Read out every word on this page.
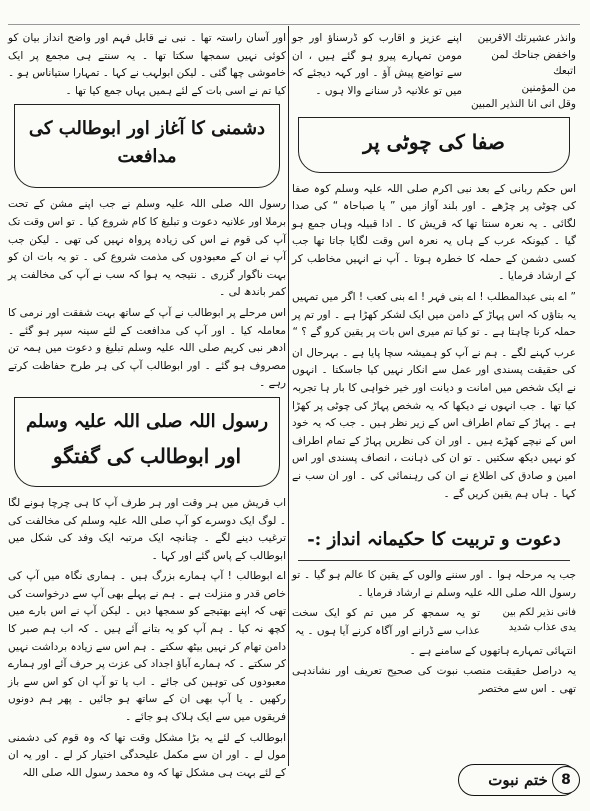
وانذر عشيرتك الاقربين
واخفض جناحك لمن اتبعك
من المؤمنين
وقل انى انا النذير المبين

اپنے عزیز و اقارب کو ڈرسناؤ اور جو مومن تمہارے پیرو ہو گئے ہیں ، ان سے تواضع پیش آؤ ۔ اور کہہ دیجئے کہ میں تو علانیہ ڈر سنانے والا ہوں ۔

صفا کی چوٹی پر

اس حکم ربانی کے بعد نبی اکرم صلی اللہ علیہ وسلم کوہ صفا کی چوٹی پر چڑھے ۔ اور بلند آواز میں ” یا صباحاہ “ کی صدا لگائی ۔ یہ نعرہ سنتا تھا کہ قریش کا ۔ ادا قبیلہ وہاں جمع ہو گیا ۔ کیونکہ عرب کے ہاں یہ نعرہ اس وقت لگایا جاتا تھا جب کسی دشمن کے حملہ کا خطرہ ہوتا ۔ آپ نے انہیں مخاطب کر کے ارشاد فرمایا ۔

” اے بنی عبدالمطلب ! اے بنی فہر ! اے بنی کعب ! اگر میں تمہیں یہ بتاؤں کہ اس پہاڑ کے دامن میں ایک لشکر کھڑا ہے ۔ اور تم پر حملہ کرنا چاہتا ہے ۔ تو کیا تم میری اس بات پر یقین کرو گے ؟ “

عرب کہنے لگے ۔ ہم نے آپ کو ہمیشہ سچا پایا ہے ۔ بہرحال ان کی حقیقت پسندی اور عمل سے انکار نہیں کیا جاسکتا ۔ انہوں نے ایک شخص میں امانت و دیانت اور خیر خواہی کا بار ہا تجربہ کیا تھا ۔ جب انہوں نے دیکھا کہ یہ شخص پہاڑ کی چوٹی پر کھڑا ہے ۔ پہاڑ کے تمام اطراف اس کے زیر نظر ہیں ۔ جب کہ یہ خود اس کے نیچے کھڑے ہیں ۔ اور ان کی نظریں پہاڑ کے تمام اطراف کو نہیں دیکھ سکتیں ۔ تو ان کی ذہانت ، انصاف پسندی اور اس امین و صادق کی اطلاع نے ان کی رہنمائی کی ۔ اور ان سب نے کہا ۔ ہاں ہم یقین کریں گے ۔

دعوت و تربیت کا حکیمانہ انداز :-

جب یہ مرحلہ ہوا ۔ اور سننے والوں کے یقین کا عالم ہو گیا ۔ تو رسول اللہ صلی اللہ علیہ وسلم نے ارشاد فرمایا ۔

فانی نذیر لکم بین یدی عذاب شدید

تو یہ سمجھ کر میں تم کو ایک سخت عذاب سے ڈرانے اور آگاہ کرنے آیا ہوں ۔ یہ

انتہائی تمہارے ہاتھوں کے سامنے ہے ۔

یہ دراصل حقیقت منصب نبوت کی صحیح تعریف اور نشاندہی تھی ۔ اس سے مختصر

اور آسان راستہ تھا ۔ نبی نے قابل فہم اور واضح انداز بیان کو کوئی نہیں سمجھا سکتا تھا ۔ یہ سنتے ہی مجمع پر ایک خاموشی چھا گئی ۔ لیکن ابولہب نے کہا ۔ تمہارا ستیاناس ہو ۔ کیا تم نے اسی بات کے لئے ہمیں یہاں جمع کیا تھا ۔

دشمنی کا آغاز اور ابوطالب کی مدافعت

رسول اللہ صلی اللہ علیہ وسلم نے جب اپنے مشن کے تحت برملا اور علانیہ دعوت و تبلیغ کا کام شروع کیا ۔ تو اس وقت تک آپ کی قوم نے اس کی زیادہ پرواہ نہیں کی تھی ۔ لیکن جب آپ نے ان کے معبودوں کی مذمت شروع کی ۔ تو یہ بات ان کو بہت ناگوار گزری ۔ نتیجہ یہ ہوا کہ سب نے آپ کی مخالفت پر کمر باندھ لی ۔

اس مرحلے پر ابوطالب نے آپ کے ساتھ بہت شفقت اور نرمی کا معاملہ کیا ۔ اور آپ کی مدافعت کے لئے سینہ سپر ہو گئے ۔ ادھر نبی کریم صلی اللہ علیہ وسلم تبلیغ و دعوت میں ہمہ تن مصروف ہو گئے ۔ اور ابوطالب آپ کی ہر طرح حفاظت کرتے رہے ۔

رسول اللہ صلی اللہ علیہ وسلم
اور ابوطالب کی گفتگو

اب قریش میں ہر وقت اور ہر طرف آپ کا ہی چرچا ہونے لگا ۔ لوگ ایک دوسرے کو آپ صلی اللہ علیہ وسلم کی مخالفت کی ترغیب دینے لگے ۔ چنانچہ ایک مرتبہ ایک وفد کی شکل میں ابوطالب کے پاس گئے اور کہا ۔

اے ابوطالب ! آپ ہمارے بزرگ ہیں ۔ ہماری نگاہ میں آپ کی خاص قدر و منزلت ہے ۔ ہم نے پہلے بھی آپ سے درخواست کی تھی کہ اپنے بھتیجے کو سمجھا دیں ۔ لیکن آپ نے اس بارے میں کچھ نہ کیا ۔ ہم آپ کو یہ بتانے آئے ہیں ۔ کہ اب ہم صبر کا دامن تھام کر نہیں بیٹھ سکتے ۔ ہم اس سے زیادہ برداشت نہیں کر سکتے ۔ کہ ہمارے آباؤ اجداد کی عزت پر حرف آئے اور ہمارے معبودوں کی توہین کی جائے ۔ اب یا تو آپ ان کو اس سے باز رکھیں ۔ یا آپ بھی ان کے ساتھ ہو جائیں ۔ پھر ہم دونوں فریقوں میں سے ایک ہلاک ہو جائے ۔

ابوطالب کے لئے یہ بڑا مشکل وقت تھا کہ وہ قوم کی دشمنی مول لے ۔ اور ان سے مکمل علیحدگی اختیار کر لے ۔ اور یہ ان کے لئے بہت ہی مشکل تھا کہ وہ محمد رسول اللہ صلی اللہ	ختم نبوت 8
